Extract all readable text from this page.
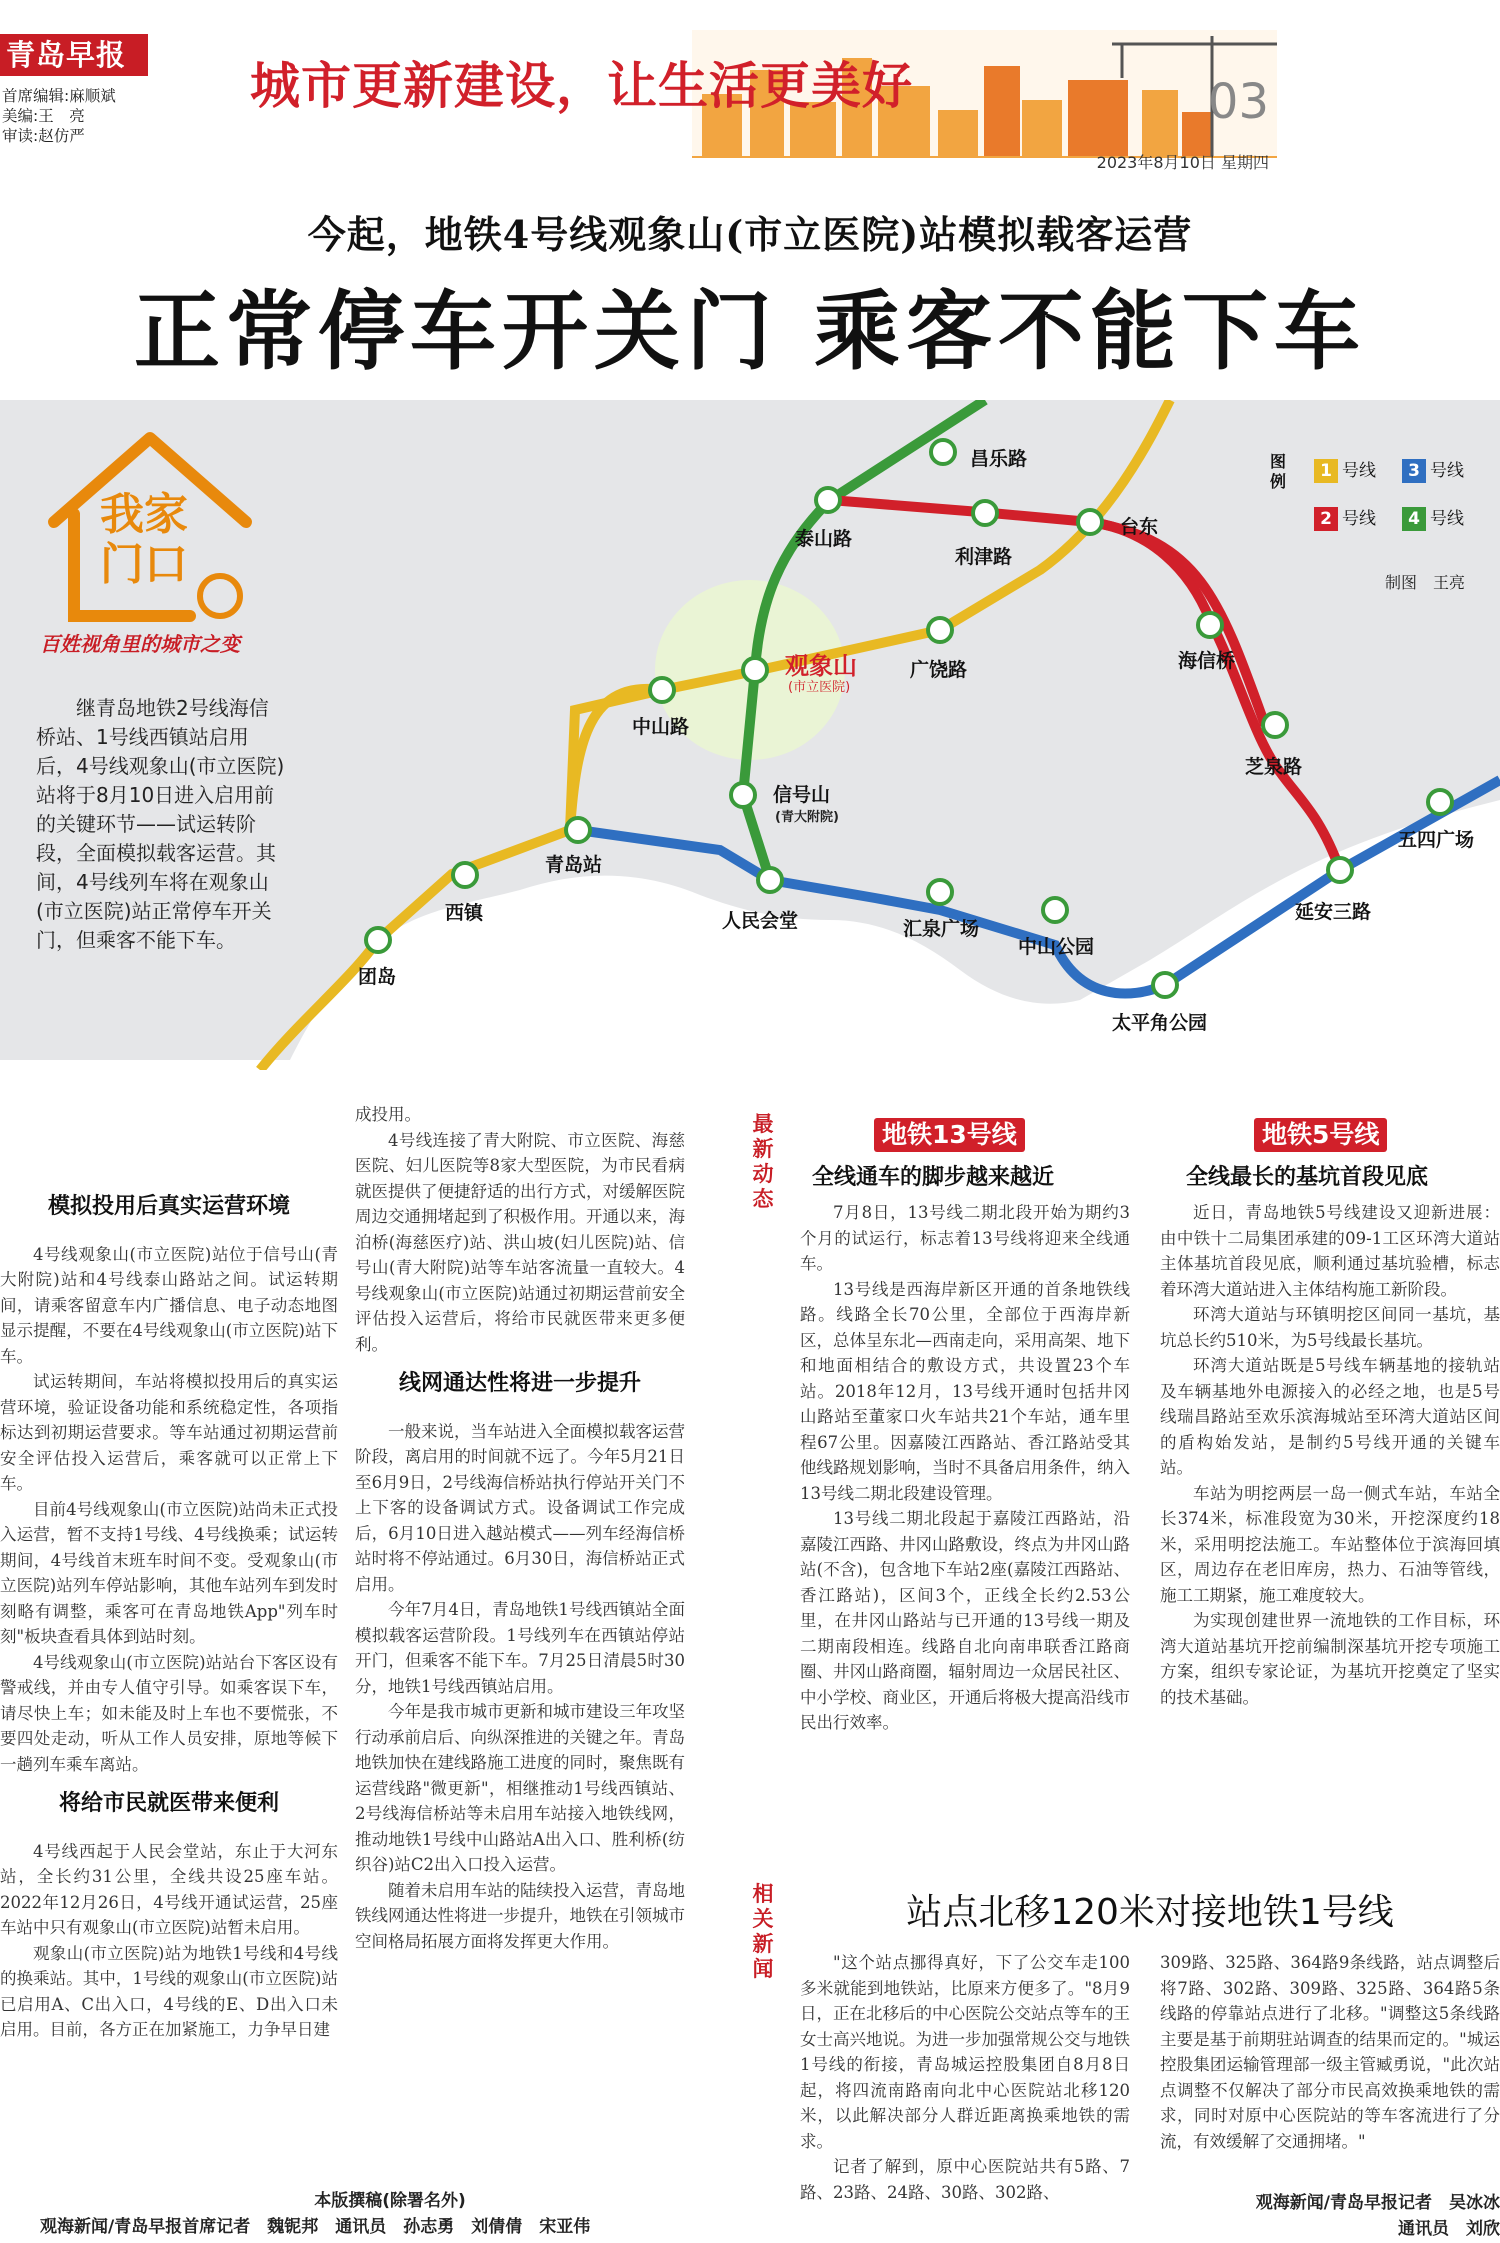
青岛早报
首席编辑:麻顺斌
美编:王　亮
审读:赵仿严
城市更新建设，让生活更美好	03
2023年8月10日 星期四
今起，地铁4号线观象山(市立医院)站模拟载客运营
正常停车开关门 乘客不能下车
昌乐路
泰山路
利津路
台东
观象山
(市立医院)
广饶路
中山路
海信桥
芝泉路
信号山
(青大附院)
青岛站
西镇
团岛
人民会堂	汇泉广场
中山公园
延安三路
五四广场
太平角公园
图例
1 号线	3 号线
2 号线	4 号线
制图　王亮
我家
门口
百姓视角里的城市之变
继青岛地铁2号线海信桥站、1号线西镇站启用后，4号线观象山(市立医院)站将于8月10日进入启用前的关键环节——试运转阶段，全面模拟载客运营。其间，4号线列车将在观象山(市立医院)站正常停车开关门，但乘客不能下车。
模拟投用后真实运营环境

4号线观象山(市立医院)站位于信号山(青大附院)站和4号线泰山路站之间。试运转期间，请乘客留意车内广播信息、电子动态地图显示提醒，不要在4号线观象山(市立医院)站下车。

试运转期间，车站将模拟投用后的真实运营环境，验证设备功能和系统稳定性，各项指标达到初期运营要求。等车站通过初期运营前安全评估投入运营后，乘客就可以正常上下车。

目前4号线观象山(市立医院)站尚未正式投入运营，暂不支持1号线、4号线换乘；试运转期间，4号线首末班车时间不变。受观象山(市立医院)站列车停站影响，其他车站列车到发时刻略有调整，乘客可在青岛地铁App"列车时刻"板块查看具体到站时刻。

4号线观象山(市立医院)站站台下客区设有警戒线，并由专人值守引导。如乘客误下车，请尽快上车；如未能及时上车也不要慌张，不要四处走动，听从工作人员安排，原地等候下一趟列车乘车离站。

将给市民就医带来便利

4号线西起于人民会堂站，东止于大河东站，全长约31公里，全线共设25座车站。2022年12月26日，4号线开通试运营，25座车站中只有观象山(市立医院)站暂未启用。

观象山(市立医院)站为地铁1号线和4号线的换乘站。其中，1号线的观象山(市立医院)站已启用A、C出入口，4号线的E、D出入口未启用。目前，各方正在加紧施工，力争早日建

成投用。

4号线连接了青大附院、市立医院、海慈医院、妇儿医院等8家大型医院，为市民看病就医提供了便捷舒适的出行方式，对缓解医院周边交通拥堵起到了积极作用。开通以来，海泊桥(海慈医疗)站、洪山坡(妇儿医院)站、信号山(青大附院)站等车站客流量一直较大。4号线观象山(市立医院)站通过初期运营前安全评估投入运营后，将给市民就医带来更多便利。

线网通达性将进一步提升

一般来说，当车站进入全面模拟载客运营阶段，离启用的时间就不远了。今年5月21日至6月9日，2号线海信桥站执行停站开关门不上下客的设备调试方式。设备调试工作完成后，6月10日进入越站模式——列车经海信桥站时将不停站通过。6月30日，海信桥站正式启用。

今年7月4日，青岛地铁1号线西镇站全面模拟载客运营阶段。1号线列车在西镇站停站开门，但乘客不能下车。7月25日清晨5时30分，地铁1号线西镇站启用。

今年是我市城市更新和城市建设三年攻坚行动承前启后、向纵深推进的关键之年。青岛地铁加快在建线路施工进度的同时，聚焦既有运营线路"微更新"，相继推动1号线西镇站、2号线海信桥站等未启用车站接入地铁线网，推动地铁1号线中山路站A出入口、胜利桥(纺织谷)站C2出入口投入运营。

随着未启用车站的陆续投入运营，青岛地铁线网通达性将进一步提升，地铁在引领城市空间格局拓展方面将发挥更大作用。

最新动态
相关新闻
地铁13号线
全线通车的脚步越来越近

7月8日，13号线二期北段开始为期约3个月的试运行，标志着13号线将迎来全线通车。

13号线是西海岸新区开通的首条地铁线路。线路全长70公里，全部位于西海岸新区，总体呈东北—西南走向，采用高架、地下和地面相结合的敷设方式，共设置23个车站。2018年12月，13号线开通时包括井冈山路站至董家口火车站共21个车站，通车里程67公里。因嘉陵江西路站、香江路站受其他线路规划影响，当时不具备启用条件，纳入13号线二期北段建设管理。

13号线二期北段起于嘉陵江西路站，沿嘉陵江西路、井冈山路敷设，终点为井冈山路站(不含)，包含地下车站2座(嘉陵江西路站、香江路站)，区间3个，正线全长约2.53公里，在井冈山路站与已开通的13号线一期及二期南段相连。线路自北向南串联香江路商圈、井冈山路商圈，辐射周边一众居民社区、中小学校、商业区，开通后将极大提高沿线市民出行效率。

地铁5号线
全线最长的基坑首段见底

近日，青岛地铁5号线建设又迎新进展：由中铁十二局集团承建的09-1工区环湾大道站主体基坑首段见底，顺利通过基坑验槽，标志着环湾大道站进入主体结构施工新阶段。

环湾大道站与环镇明挖区间同一基坑，基坑总长约510米，为5号线最长基坑。

环湾大道站既是5号线车辆基地的接轨站及车辆基地外电源接入的必经之地，也是5号线瑞昌路站至欢乐滨海城站至环湾大道站区间的盾构始发站，是制约5号线开通的关键车站。

车站为明挖两层一岛一侧式车站，车站全长374米，标准段宽为30米，开挖深度约18米，采用明挖法施工。车站整体位于滨海回填区，周边存在老旧库房，热力、石油等管线，施工工期紧，施工难度较大。

为实现创建世界一流地铁的工作目标，环湾大道站基坑开挖前编制深基坑开挖专项施工方案，组织专家论证，为基坑开挖奠定了坚实的技术基础。

站点北移120米对接地铁1号线

"这个站点挪得真好，下了公交车走100多米就能到地铁站，比原来方便多了。"8月9日，正在北移后的中心医院公交站点等车的王女士高兴地说。为进一步加强常规公交与地铁1号线的衔接，青岛城运控股集团自8月8日起，将四流南路南向北中心医院站北移120米，以此解决部分人群近距离换乘地铁的需求。

记者了解到，原中心医院站共有5路、7路、23路、24路、30路、302路、

309路、325路、364路9条线路，站点调整后将7路、302路、309路、325路、364路5条线路的停靠站点进行了北移。"调整这5条线路主要是基于前期驻站调查的结果而定的。"城运控股集团运输管理部一级主管臧勇说，"此次站点调整不仅解决了部分市民高效换乘地铁的需求，同时对原中心医院站的等车客流进行了分流，有效缓解了交通拥堵。"

观海新闻/青岛早报记者　吴冰冰
通讯员　刘欣
本版撰稿(除署名外)
观海新闻/青岛早报首席记者　魏铌邦　通讯员　孙志勇　刘倩倩　宋亚伟
